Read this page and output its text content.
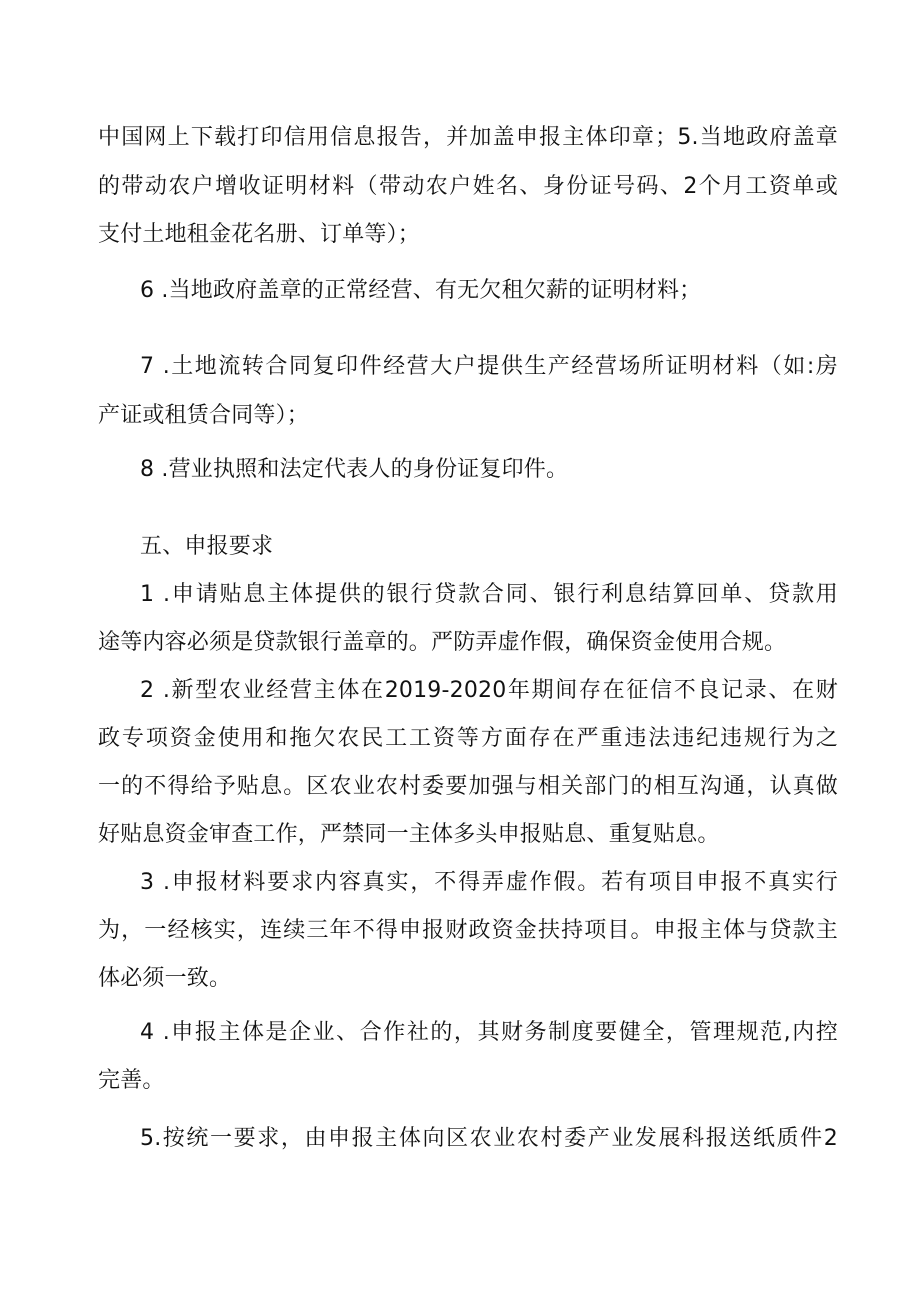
中国网上下载打印信用信息报告，并加盖申报主体印章；5.当地政府盖章
的带动农户增收证明材料（带动农户姓名、身份证号码、2个月工资单或
支付土地租金花名册、订单等）；
6 .当地政府盖章的正常经营、有无欠租欠薪的证明材料；
7 .土地流转合同复印件经营大户提供生产经营场所证明材料（如:房
产证或租赁合同等）；
8 .营业执照和法定代表人的身份证复印件。
五、申报要求
1 .申请贴息主体提供的银行贷款合同、银行利息结算回单、贷款用
途等内容必须是贷款银行盖章的。严防弄虚作假，确保资金使用合规。
2 .新型农业经营主体在2019-2020年期间存在征信不良记录、在财
政专项资金使用和拖欠农民工工资等方面存在严重违法违纪违规行为之
一的不得给予贴息。区农业农村委要加强与相关部门的相互沟通，认真做
好贴息资金审查工作，严禁同一主体多头申报贴息、重复贴息。
3 .申报材料要求内容真实，不得弄虚作假。若有项目申报不真实行
为，一经核实，连续三年不得申报财政资金扶持项目。申报主体与贷款主
体必须一致。
4 .申报主体是企业、合作社的，其财务制度要健全，管理规范,内控
完善。
5.按统一要求，由申报主体向区农业农村委产业发展科报送纸质件2
